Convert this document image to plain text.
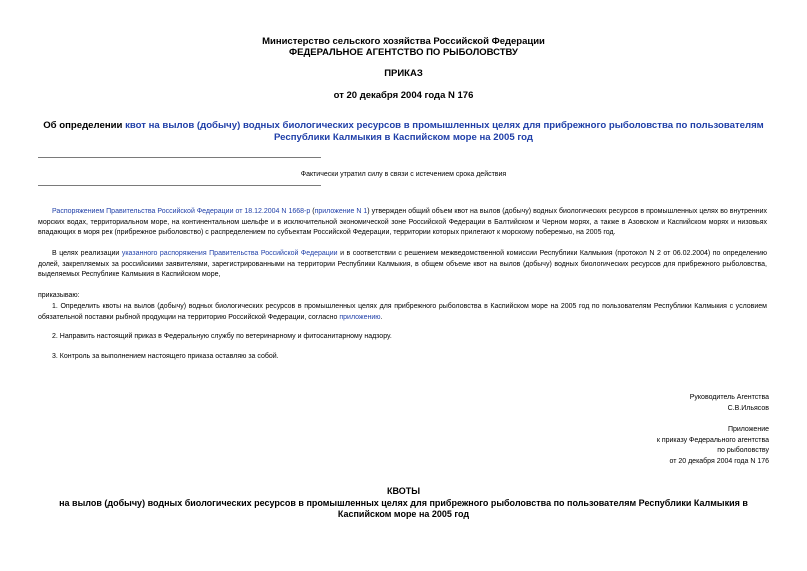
Министерство сельского хозяйства Российской Федерации
ФЕДЕРАЛЬНОЕ АГЕНТСТВО ПО РЫБОЛОВСТВУ
ПРИКАЗ
от 20 декабря 2004 года N 176
Об определении квот на вылов (добычу) водных биологических ресурсов в промышленных целях для прибрежного рыболовства по пользователям Республики Калмыкия в Каспийском море на 2005 год
Фактически утратил силу в связи с истечением срока действия
Распоряжением Правительства Российской Федерации от 18.12.2004 N 1668-р (приложение N 1) утвержден общий объем квот на вылов (добычу) водных биологических ресурсов в промышленных целях во внутренних морских водах, территориальном море, на континентальном шельфе и в исключительной экономической зоне Российской Федерации в Балтийском и Черном морях, а также в Азовском и Каспийском морях и низовьях впадающих в моря рек (прибрежное рыболовство) с распределением по субъектам Российской Федерации, территории которых прилегают к морскому побережью, на 2005 год.
В целях реализации указанного распоряжения Правительства Российской Федерации и в соответствии с решением межведомственной комиссии Республики Калмыкия (протокол N 2 от 06.02.2004) по определению долей, закрепляемых за российскими заявителями, зарегистрированными на территории Республики Калмыкия, в общем объеме квот на вылов (добычу) водных биологических ресурсов для прибрежного рыболовства, выделяемых Республике Калмыкия в Каспийском море,
приказываю:
1. Определить квоты на вылов (добычу) водных биологических ресурсов в промышленных целях для прибрежного рыболовства в Каспийском море на 2005 год по пользователям Республики Калмыкия с условием обязательной поставки рыбной продукции на территорию Российской Федерации, согласно приложению.
2. Направить настоящий приказ в Федеральную службу по ветеринарному и фитосанитарному надзору.
3. Контроль за выполнением настоящего приказа оставляю за собой.
Руководитель Агентства
С.В.Ильясов
Приложение
к приказу Федерального агентства
по рыболовству
от 20 декабря 2004 года N 176
КВОТЫ
на вылов (добычу) водных биологических ресурсов в промышленных целях для прибрежного рыболовства по пользователям Республики Калмыкия в Каспийском море на 2005 год
